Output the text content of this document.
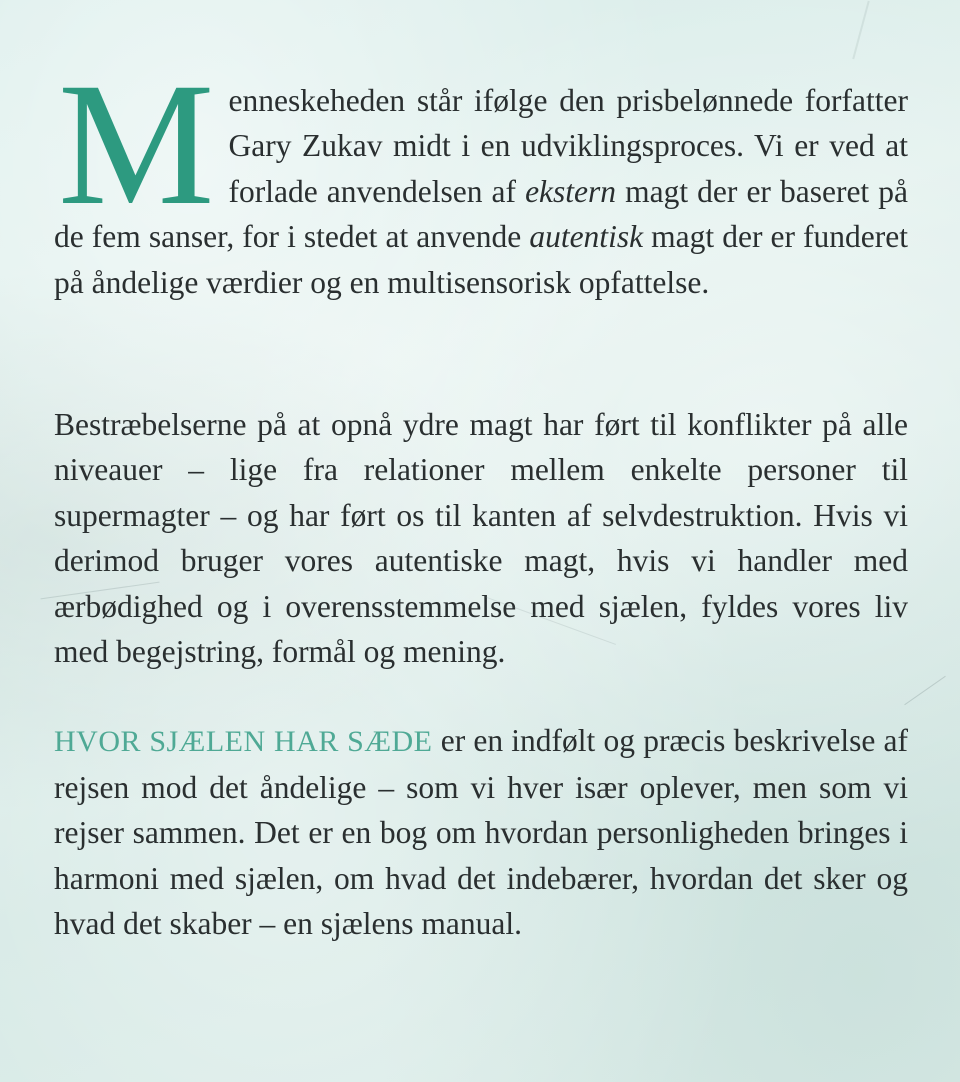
M enneskeheden står ifølge den prisbelønnede forfatter Gary Zukav midt i en udviklingsproces. Vi er ved at forlade anvendelsen af ekstern magt der er baseret på de fem sanser, for i stedet at anvende autentisk magt der er funderet på åndelige værdier og en multisensorisk opfattelse.
Bestræbelserne på at opnå ydre magt har ført til konflikter på alle niveauer – lige fra relationer mellem enkelte personer til supermagter – og har ført os til kanten af selvdestruktion. Hvis vi derimod bruger vores autentiske magt, hvis vi handler med ærbødighed og i overensstemmelse med sjælen, fyldes vores liv med begejstring, formål og mening.
HVOR SJÆLEN HAR SÆDE er en indfølt og præcis beskrivelse af rejsen mod det åndelige – som vi hver især oplever, men som vi rejser sammen. Det er en bog om hvordan personligheden bringes i harmoni med sjælen, om hvad det indebærer, hvordan det sker og hvad det skaber – en sjælens manual.
